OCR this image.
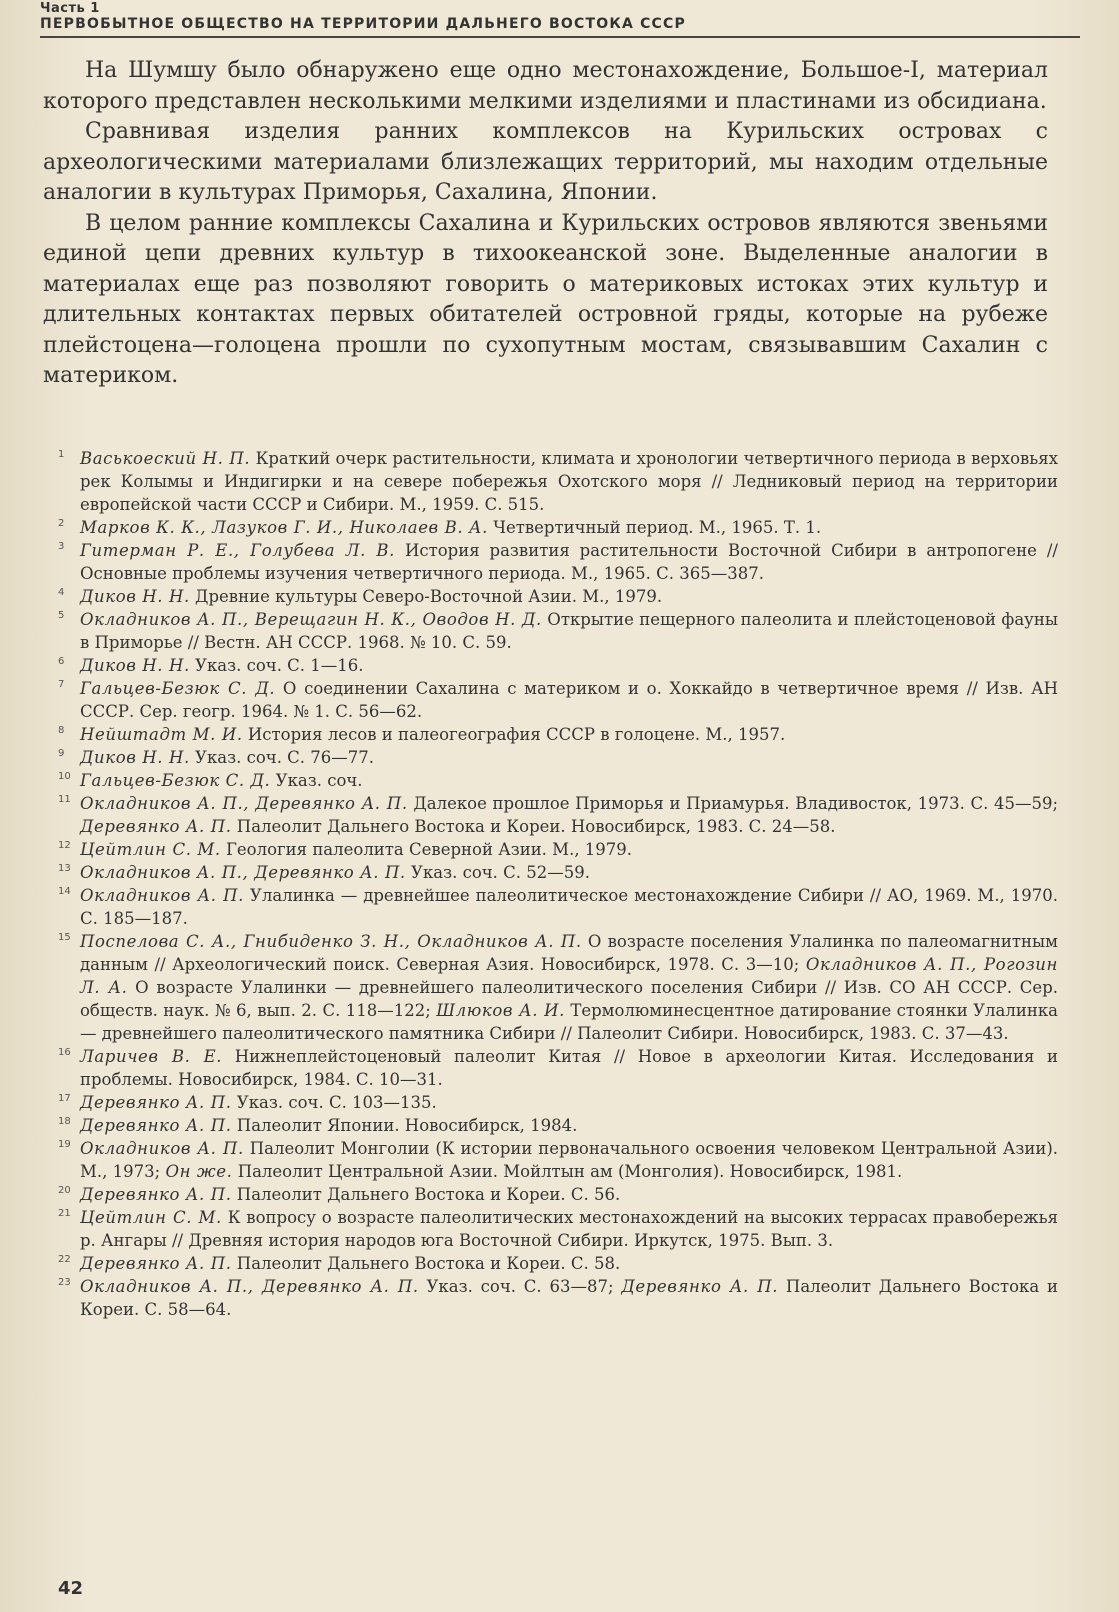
Часть 1
ПЕРВОБЫТНОЕ ОБЩЕСТВО НА ТЕРРИТОРИИ ДАЛЬНЕГО ВОСТОКА СССР

На Шумшу было обнаружено еще одно местонахождение, Большое-I, материал которого представлен несколькими мелкими изделиями и пластинами из обсидиана.

Сравнивая изделия ранних комплексов на Курильских островах с археологическими материалами близлежащих территорий, мы находим отдельные аналогии в культурах Приморья, Сахалина, Японии.

В целом ранние комплексы Сахалина и Курильских островов являются звеньями единой цепи древних культур в тихоокеанской зоне. Выделенные аналогии в материалах еще раз позволяют говорить о материковых истоках этих культур и длительных контактах первых обитателей островной гряды, которые на рубеже плейстоцена—голоцена прошли по сухопутным мостам, связывавшим Сахалин с материком.

1 Васькоеский Н. П. Краткий очерк растительности, климата и хронологии четвертичного периода в верховьях рек Колымы и Индигирки и на севере побережья Охотского моря // Ледниковый период на территории европейской части СССР и Сибири. М., 1959. С. 515.

2 Марков К. К., Лазуков Г. И., Николаев В. А. Четвертичный период. М., 1965. Т. 1.

3 Гитерман Р. Е., Голубева Л. В. История развития растительности Восточной Сибири в антропогене // Основные проблемы изучения четвертичного периода. М., 1965. С. 365—387.

4 Диков Н. Н. Древние культуры Северо-Восточной Азии. М., 1979.

5 Окладников А. П., Верещагин Н. К., Оводов Н. Д. Открытие пещерного палеолита и плейстоценовой фауны в Приморье // Вестн. АН СССР. 1968. № 10. С. 59.

6 Диков Н. Н. Указ. соч. С. 1—16.

7 Гальцев-Безюк С. Д. О соединении Сахалина с материком и о. Хоккайдо в четвертичное время // Изв. АН СССР. Сер. геогр. 1964. № 1. С. 56—62.

8 Нейштадт М. И. История лесов и палеогеография СССР в голоцене. М., 1957.

9 Диков Н. Н. Указ. соч. С. 76—77.

10 Гальцев-Безюк С. Д. Указ. соч.

11 Окладников А. П., Деревянко А. П. Далекое прошлое Приморья и Приамурья. Владивосток, 1973. С. 45—59; Деревянко А. П. Палеолит Дальнего Востока и Кореи. Новосибирск, 1983. С. 24—58.

12 Цейтлин С. М. Геология палеолита Северной Азии. М., 1979.

13 Окладников А. П., Деревянко А. П. Указ. соч. С. 52—59.

14 Окладников А. П. Улалинка — древнейшее палеолитическое местонахождение Сибири // АО, 1969. М., 1970. С. 185—187.

15 Поспелова С. А., Гнибиденко З. Н., Окладников А. П. О возрасте поселения Улалинка по палеомагнитным данным // Археологический поиск. Северная Азия. Новосибирск, 1978. С. 3—10; Окладников А. П., Рогозин Л. А. О возрасте Улалинки — древнейшего палеолитического поселения Сибири // Изв. СО АН СССР. Сер. обществ. наук. № 6, вып. 2. С. 118—122; Шлюков А. И. Термолюминесцентное датирование стоянки Улалинка — древнейшего палеолитического памятника Сибири // Палеолит Сибири. Новосибирск, 1983. С. 37—43.

16 Ларичев В. Е. Нижнеплейстоценовый палеолит Китая // Новое в археологии Китая. Исследования и проблемы. Новосибирск, 1984. С. 10—31.

17 Деревянко А. П. Указ. соч. С. 103—135.

18 Деревянко А. П. Палеолит Японии. Новосибирск, 1984.

19 Окладников А. П. Палеолит Монголии (К истории первоначального освоения человеком Центральной Азии). М., 1973; Он же. Палеолит Центральной Азии. Мойлтын ам (Монголия). Новосибирск, 1981.

20 Деревянко А. П. Палеолит Дальнего Востока и Кореи. С. 56.

21 Цейтлин С. М. К вопросу о возрасте палеолитических местонахождений на высоких террасах правобережья р. Ангары // Древняя история народов юга Восточной Сибири. Иркутск, 1975. Вып. 3.

22 Деревянко А. П. Палеолит Дальнего Востока и Кореи. С. 58.

23 Окладников А. П., Деревянко А. П. Указ. соч. С. 63—87; Деревянко А. П. Палеолит Дальнего Востока и Кореи. С. 58—64.

42
